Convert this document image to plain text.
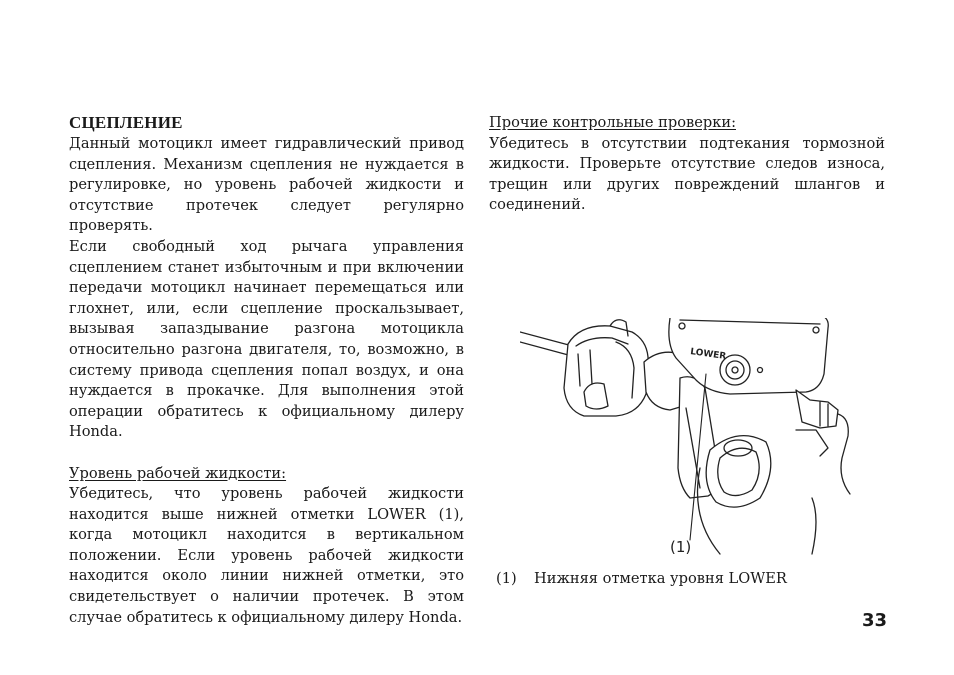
СЦЕПЛЕНИЕ

Данный мотоцикл имеет гидравлический привод сцепления. Механизм сцепления не нуждается в регулировке, но уровень рабочей жидкости и отсутствие протечек следует регулярно проверять.

Если свободный ход рычага управления сцеплением станет избыточным и при включении передачи мотоцикл начинает перемещаться или глохнет, или, если сцепление проскальзывает, вызывая запаздывание разгона мотоцикла относительно разгона двигателя, то, возможно, в систему привода сцепления попал воздух, и она нуждается в прокачке. Для выполнения этой операции обратитесь к официальному дилеру Honda.

Уровень рабочей жидкости:

Убедитесь, что уровень рабочей жидкости находится выше нижней отметки LOWER (1), когда мотоцикл находится в вертикальном положении. Если уровень рабочей жидкости находится около линии нижней отметки, это свидетельствует о наличии протечек. В этом случае обратитесь к официальному дилеру Honda.

Прочие контрольные проверки:

Убедитесь в отсутствии подтекания тормозной жидкости. Проверьте отсутствие следов износа, трещин или других повреждений шлангов и соединений.

LOWER
(1)
(1) Нижняя отметка уровня LOWER
33
